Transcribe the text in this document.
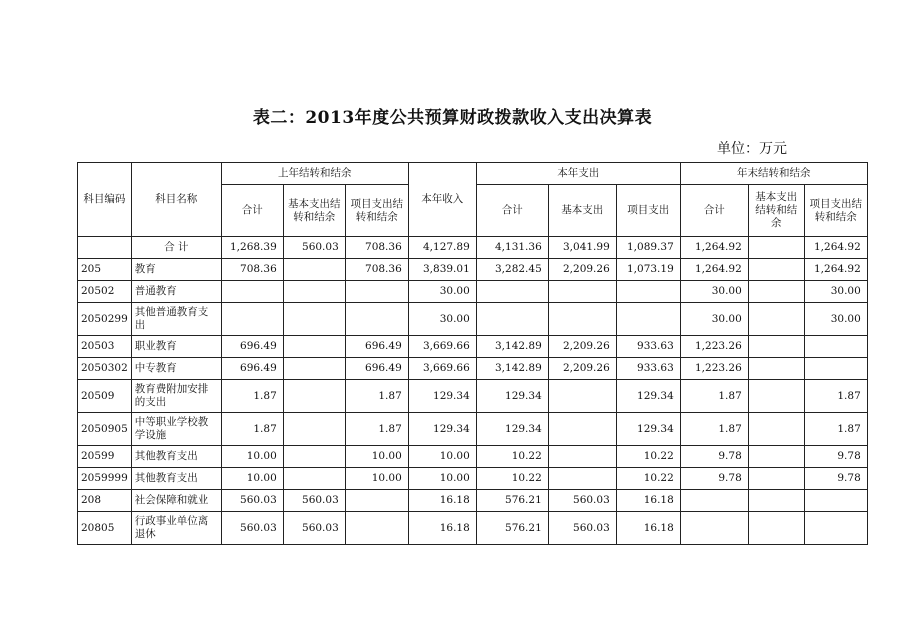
表二：2013年度公共预算财政拨款收入支出决算表
单位：万元
科目编码	科目名称	上年结转和结余			本年收入	本年支出			年末结转和结余		
		合计	基本支出结转和结余	项目支出结转和结余		合计	基本支出	项目支出	合计	基本支出结转和结余	项目支出结转和结余
	合 计	1,268.39	560.03	708.36	4,127.89	4,131.36	3,041.99	1,089.37	1,264.92		1,264.92
205	教育	708.36		708.36	3,839.01	3,282.45	2,209.26	1,073.19	1,264.92		1,264.92
20502	普通教育				30.00				30.00		30.00
2050299	其他普通教育支出				30.00				30.00		30.00
20503	职业教育	696.49		696.49	3,669.66	3,142.89	2,209.26	933.63	1,223.26		
2050302	中专教育	696.49		696.49	3,669.66	3,142.89	2,209.26	933.63	1,223.26		
20509	教育费附加安排的支出	1.87		1.87	129.34	129.34		129.34	1.87		1.87
2050905	中等职业学校教学设施	1.87		1.87	129.34	129.34		129.34	1.87		1.87
20599	其他教育支出	10.00		10.00	10.00	10.22		10.22	9.78		9.78
2059999	其他教育支出	10.00		10.00	10.00	10.22		10.22	9.78		9.78
208	社会保障和就业	560.03	560.03		16.18	576.21	560.03	16.18			
20805	行政事业单位离退休	560.03	560.03		16.18	576.21	560.03	16.18			
